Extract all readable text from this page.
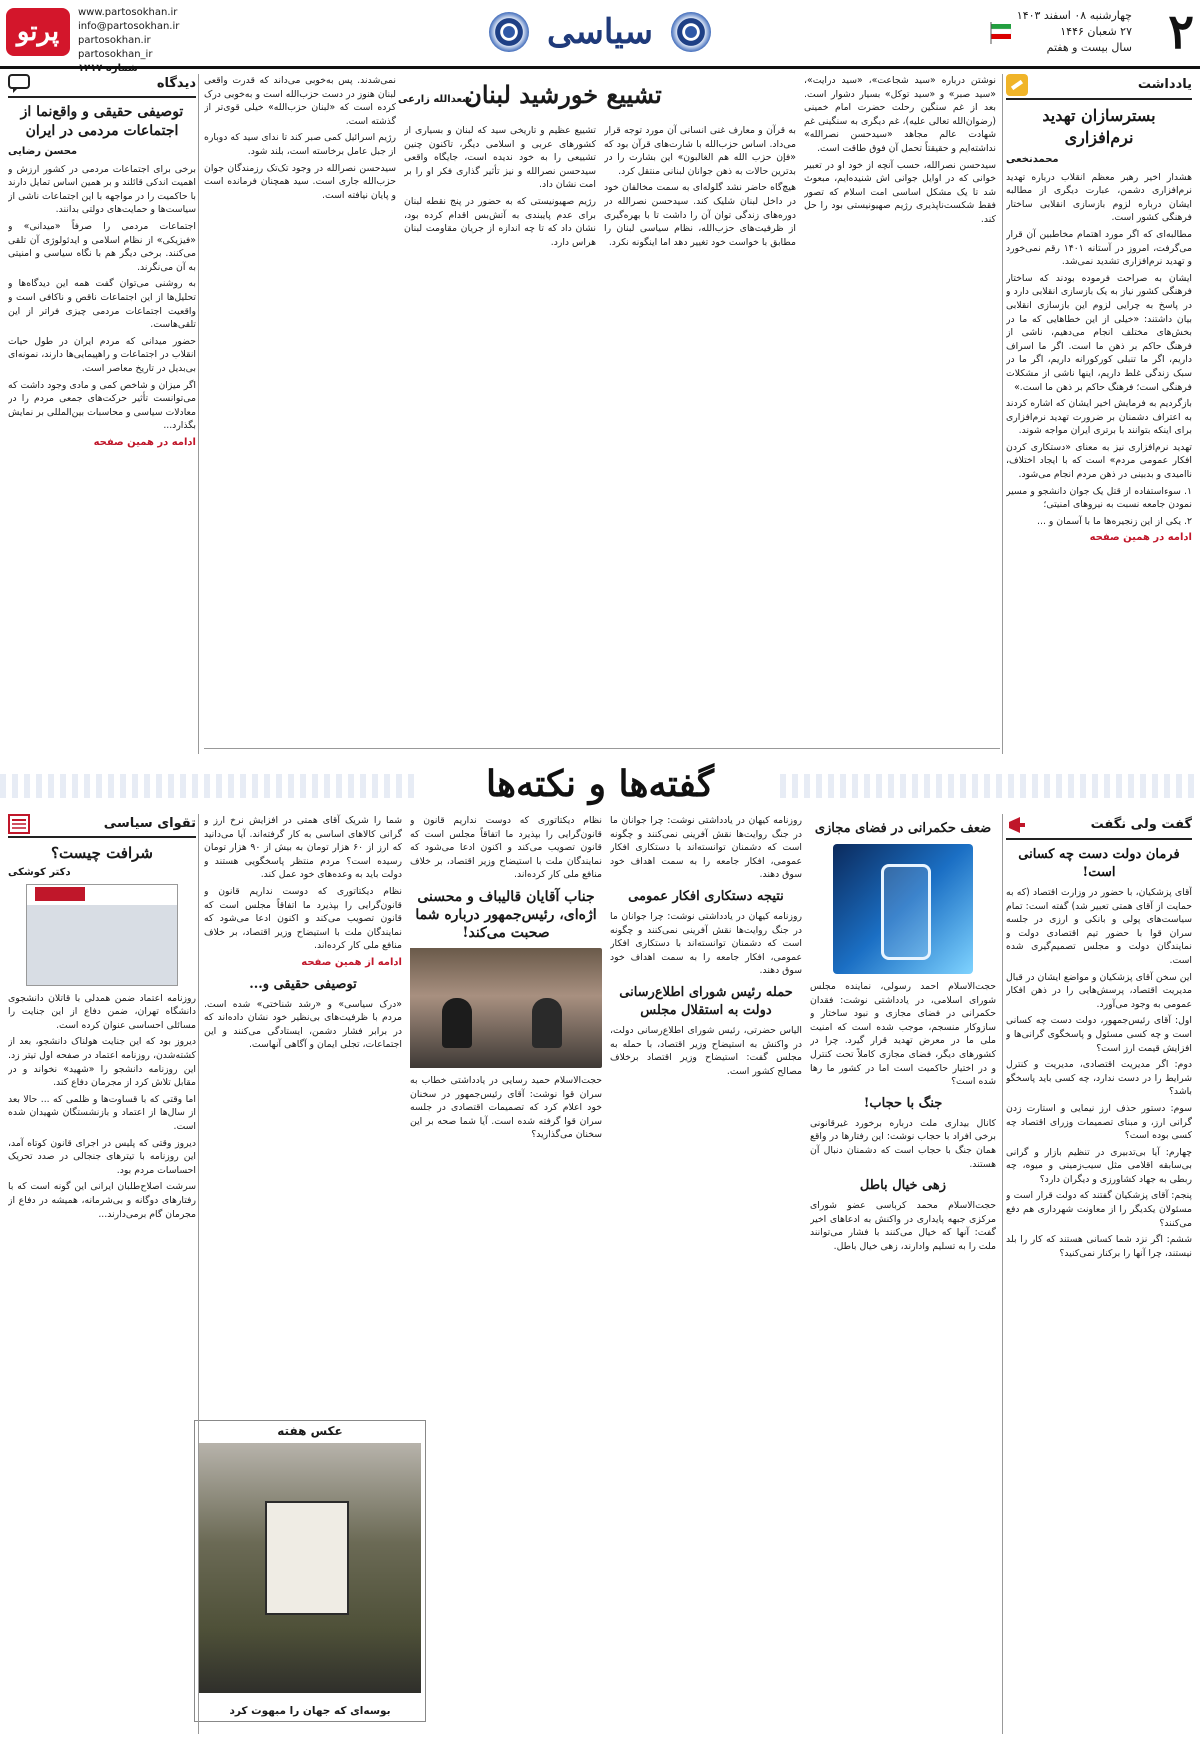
۲
چهارشنبه ۰۸ اسفند ۱۴۰۳
۲۷ شعبان ۱۴۴۶
سال بیست و هفتم
سیاسی
www.partosokhan.ir
info@partosokhan.ir
partosokhan.ir
partosokhan_ir
پرتو
یادداشت
بسترسازان تهدید نرم‌افزاری
محمدنخعی

هشدار اخیر رهبر معظم انقلاب درباره تهدید نرم‌افزاری دشمن، عبارت دیگری از مطالبه ایشان درباره لزوم بازسازی انقلابی ساختار فرهنگی کشور است.

مطالبه‌ای که اگر مورد اهتمام مخاطبین آن قرار می‌گرفت، امروز در آستانه ۱۴۰۱ رقم نمی‌خورد و تهدید نرم‌افزاری تشدید نمی‌شد.

ایشان به صراحت فرموده بودند که ساختار فرهنگی کشور نیاز به یک بازسازی انقلابی دارد و در پاسخ به چرایی لزوم این بازسازی انقلابی بیان داشتند: «خیلی از این خطاهایی که ما در بخش‌های مختلف انجام می‌دهیم، ناشی از فرهنگ حاکم بر ذهن ما است. اگر ما اسراف داریم، اگر ما تنبلی کورکورانه داریم، اگر ما در سبک زندگی غلط داریم، اینها ناشی از مشکلات فرهنگی است؛ فرهنگ حاکم بر ذهن ما است.»

بازگردیم به فرمایش اخیر ایشان که اشاره کردند به اعتراف دشمنان بر ضرورت تهدید نرم‌افزاری برای اینکه بتوانند با برتری ایران مواجه شوند.

تهدید نرم‌افزاری نیز به معنای «دستکاری کردن افکار عمومی مردم» است که با ایجاد اختلاف، ناامیدی و بدبینی در ذهن مردم انجام می‌شود.

۱. سوءاستفاده از قتل یک جوان دانشجو و مسیر نمودن جامعه نسبت به نیروهای امنیتی؛

۲. یکی از این زنجیره‌ها ما با آسمان و ...

ادامه در همین صفحه
تشییع خورشید لبنان
سعدالله زارعی

نوشتن درباره «سید شجاعت»، «سید درایت»، «سید صبر» و «سید توکل» بسیار دشوار است. بعد از غم سنگین رحلت حضرت امام خمینی (رضوان‌الله تعالی علیه)، غم دیگری به سنگینی غم شهادت عالم مجاهد «سیدحسن نصرالله» نداشته‌ایم و حقیقتاً تحمل آن فوق طاقت است.

سیدحسن نصرالله، حسب آنچه از خود او در تعبیر خوانی که در اوایل جوانی اش شنیده‌ایم، مبعوث شد تا یک مشکل اساسی امت اسلام که تصور فقط شکست‌ناپذیری رژیم صهیونیستی بود را حل کند.

به قرآن و معارف غنی انسانی آن مورد توجه قرار می‌داد. اساس حزب‌الله با شارت‌های قرآن بود که «فإن حزب الله هم الغالبون» این بشارت را در بدترین حالات به ذهن جوانان لبنانی منتقل کرد.

هیچ‌گاه حاضر نشد گلوله‌ای به سمت مخالفان خود در داخل لبنان شلیک کند. سیدحسن نصرالله در دوره‌های زندگی توان آن را داشت تا با بهره‌گیری از ظرفیت‌های حزب‌الله، نظام سیاسی لبنان را مطابق با خواست خود تغییر دهد اما اینگونه نکرد.

تشییع عظیم و تاریخی سید که لبنان و بسیاری از کشورهای عربی و اسلامی دیگر، تاکنون چنین تشییعی را به خود ندیده است، جایگاه واقعی سیدحسن نصرالله و نیز تأثیر گذاری فکر او را بر امت نشان داد.

رژیم صهیونیستی که به حضور در پنج نقطه لبنان برای عدم پایبندی به آتش‌بس اقدام کرده بود، نشان داد که تا چه اندازه از جریان مقاومت لبنان هراس دارد.

نمی‌شدند. پس به‌خوبی می‌داند که قدرت واقعی لبنان هنوز در دست حزب‌الله است و به‌خوبی درک کرده است که «لبنان حزب‌الله» خیلی قوی‌تر از گذشته است.

رژیم اسرائیل کمی صبر کند تا ندای سید که دوباره از جبل عامل برخاسته است، بلند شود.

سیدحسن نصرالله در وجود تک‌تک رزمندگان جوان حزب‌الله جاری است. سید همچنان فرمانده است و پایان نیافته است.

دیدگاه
توصیفی حقیقی و واقع‌نما از اجتماعات مردمی در ایران
محسن رضایی

برخی برای اجتماعات مردمی در کشور ارزش و اهمیت اندکی قائلند و بر همین اساس تمایل دارند با حاکمیت را در مواجهه با این اجتماعات ناشی از سیاست‌ها و حمایت‌های دولتی بدانند.

اجتماعات مردمی را صرفاً «میدانی» و «فیزیکی» از نظام اسلامی و ایدئولوژی آن تلقی می‌کنند. برخی دیگر هم با نگاه سیاسی و امنیتی به آن می‌نگرند.

به روشنی می‌توان گفت همه این دیدگاه‌ها و تحلیل‌ها از این اجتماعات ناقص و ناکافی است و واقعیت اجتماعات مردمی چیزی فراتر از این تلقی‌هاست.

حضور میدانی که مردم ایران در طول حیات انقلاب در اجتماعات و راهپیمایی‌ها دارند، نمونه‌ای بی‌بدیل در تاریخ معاصر است.

اگر میزان و شاخص کمی و مادی وجود داشت که می‌توانست تأثیر حرکت‌های جمعی مردم را در معادلات سیاسی و محاسبات بین‌المللی بر نمایش بگذارد...

ادامه در همین صفحه
گفته‌ها و نکته‌ها
گفت ولی نگفت
فرمان دولت دست چه کسانی است!

آقای پزشکیان، با حضور در وزارت اقتصاد (که به حمایت از آقای همتی تعبیر شد) گفته است: تمام سیاست‌های پولی و بانکی و ارزی در جلسه سران قوا با حضور تیم اقتصادی دولت و نمایندگان دولت و مجلس تصمیم‌گیری شده است.

این سخن آقای پزشکیان و مواضع ایشان در قبال مدیریت اقتصاد، پرسش‌هایی را در ذهن افکار عمومی به وجود می‌آورد.

اول: آقای رئیس‌جمهور، دولت دست چه کسانی است و چه کسی مسئول و پاسخگوی گرانی‌ها و افزایش قیمت ارز است؟

دوم: اگر مدیریت اقتصادی، مدیریت و کنترل شرایط را در دست ندارد، چه کسی باید پاسخگو باشد؟

سوم: دستور حذف ارز نیمایی و استارت زدن گرانی ارز، و مبنای تصمیمات وزرای اقتصاد چه کسی بوده است؟

چهارم: آیا بی‌تدبیری در تنظیم بازار و گرانی بی‌سابقه اقلامی مثل سیب‌زمینی و میوه، چه ربطی به جهاد کشاورزی و دیگران دارد؟

پنجم: آقای پزشکیان گفتند که دولت قرار است و مسئولان یکدیگر را از معاونت شهرداری هم دفع می‌کنند؟

ششم: اگر نزد شما کسانی هستند که کار را بلد نیستند، چرا آنها را برکنار نمی‌کنید؟

ضعف حکمرانی در فضای مجازی

حجت‌الاسلام احمد رسولی، نماینده مجلس شورای اسلامی، در یادداشتی نوشت: فقدان حکمرانی در فضای مجازی و نبود ساختار و سازوکار منسجم، موجب شده است که امنیت ملی ما در معرض تهدید قرار گیرد. چرا در کشورهای دیگر، فضای مجازی کاملاً تحت کنترل و در اختیار حاکمیت است اما در کشور ما رها شده است؟

جنگ با حجاب!

کانال بیداری ملت درباره برخورد غیرقانونی برخی افراد با حجاب نوشت: این رفتارها در واقع همان جنگ با حجاب است که دشمنان دنبال آن هستند.

زهی خیال باطل

حجت‌الاسلام محمد کرباسی عضو شورای مرکزی جبهه پایداری در واکنش به ادعاهای اخیر گفت: آنها که خیال می‌کنند با فشار می‌توانند ملت را به تسلیم وادارند، زهی خیال باطل.

روزنامه کیهان در یادداشتی نوشت: چرا جوانان ما در جنگ روایت‌ها نقش آفرینی نمی‌کنند و چگونه است که دشمنان توانسته‌اند با دستکاری افکار عمومی، افکار جامعه را به سمت اهداف خود سوق دهند.

نتیجه دستکاری افکار عمومی

روزنامه کیهان در یادداشتی نوشت: چرا جوانان ما در جنگ روایت‌ها نقش آفرینی نمی‌کنند و چگونه است که دشمنان توانسته‌اند با دستکاری افکار عمومی، افکار جامعه را به سمت اهداف خود سوق دهند.

حمله رئیس شورای اطلاع‌رسانی دولت به استقلال مجلس

الیاس حضرتی، رئیس شورای اطلاع‌رسانی دولت، در واکنش به استیضاح وزیر اقتصاد، با حمله به مجلس گفت: استیضاح وزیر اقتصاد برخلاف مصالح کشور است.

نظام دیکتاتوری که دوست نداریم قانون و قانون‌گرایی را بپذیرد ما اتفاقاً مجلس است که قانون تصویب می‌کند و اکنون ادعا می‌شود که نمایندگان ملت با استیضاح وزیر اقتصاد، بر خلاف منافع ملی کار کرده‌اند.

جناب آقایان قالیباف و محسنی اژه‌ای، رئیس‌جمهور درباره شما صحبت می‌کند!

حجت‌الاسلام حمید رسایی در یادداشتی خطاب به سران قوا نوشت: آقای رئیس‌جمهور در سخنان خود اعلام کرد که تصمیمات اقتصادی در جلسه سران قوا گرفته شده است. آیا شما صحه بر این سخنان می‌گذارید؟

شما را شریک آقای همتی در افزایش نرخ ارز و گرانی کالاهای اساسی به کار گرفته‌اند. آیا می‌دانید که ارز از ۶۰ هزار تومان به بیش از ۹۰ هزار تومان رسیده است؟ مردم منتظر پاسخگویی هستند و دولت باید به وعده‌های خود عمل کند.

نظام دیکتاتوری که دوست نداریم قانون و قانون‌گرایی را بپذیرد ما اتفاقاً مجلس است که قانون تصویب می‌کند و اکنون ادعا می‌شود که نمایندگان ملت با استیضاح وزیر اقتصاد، بر خلاف منافع ملی کار کرده‌اند.

ادامه از همین صفحه
توصیفی حقیقی و...

«درک سیاسی» و «رشد شناختی» شده است. مردم با ظرفیت‌های بی‌نظیر خود نشان داده‌اند که در برابر فشار دشمن، ایستادگی می‌کنند و این اجتماعات، تجلی ایمان و آگاهی آنهاست.

عکس هفته
بوسه‌ای که جهان را مبهوت کرد
تقوای سیاسی
شرافت چیست؟
دکتر کوشکی

روزنامه اعتماد ضمن همدلی با قاتلان دانشجوی دانشگاه تهران، ضمن دفاع از این جنایت را مسائلی احساسی عنوان کرده است.

دیروز بود که این جنایت هولناک دانشجو، بعد از کشته‌شدن، روزنامه اعتماد در صفحه اول تیتر زد. این روزنامه دانشجو را «شهید» نخواند و در مقابل تلاش کرد از مجرمان دفاع کند.

اما وقتی که با قساوت‌ها و ظلمی که ... حالا بعد از سال‌ها از اعتماد و بازنشستگان شهیدان شده است.

دیروز وقتی که پلیس در اجرای قانون کوتاه آمد، این روزنامه با تیترهای جنجالی در صدد تحریک احساسات مردم بود.

سرشت اصلاح‌طلبان ایرانی این گونه است که با رفتارهای دوگانه و بی‌شرمانه، همیشه در دفاع از مجرمان گام برمی‌دارند...
